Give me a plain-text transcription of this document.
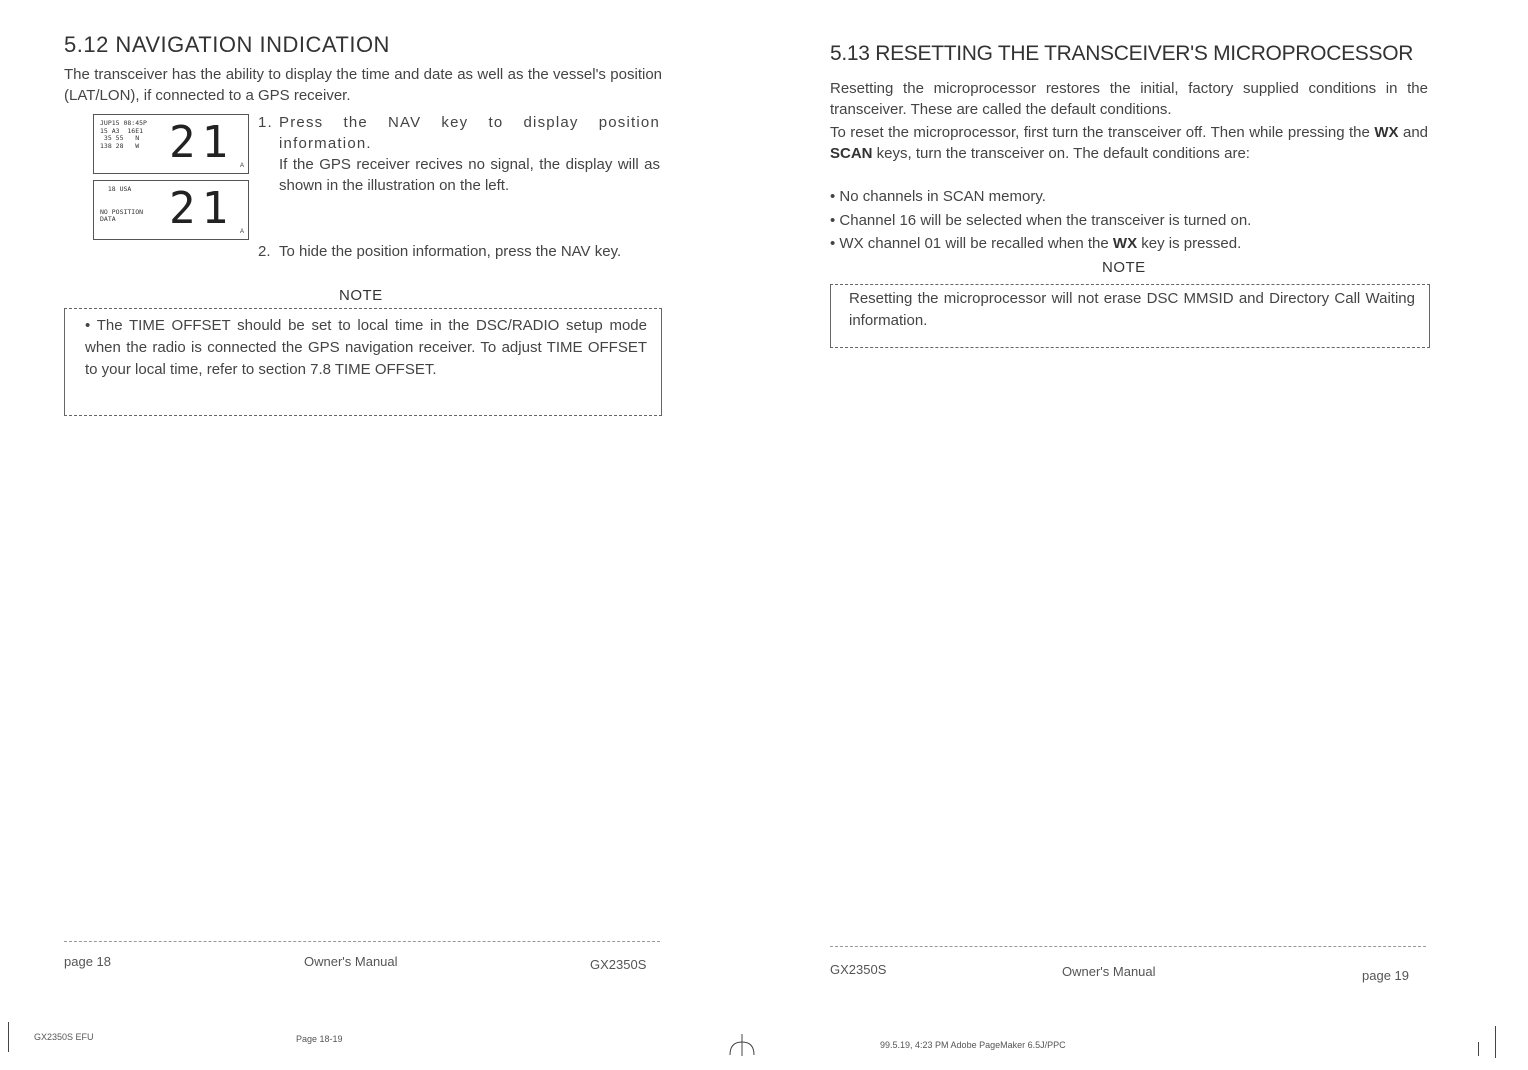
5.12 NAVIGATION INDICATION
The transceiver has the ability to display the time and date as well as the vessel's position (LAT/LON), if connected to a GPS receiver.
JUP15 08:45P
15 A3  16E1
35 55   N
138 28   W 21 A
18 USA

NO POSITION
DATA	21 A
1. Press the NAV key to display position information.
If the GPS receiver recives no signal, the display will as shown in the illustration on the left.
2. To hide the position information, press the NAV key.
NOTE
• The TIME OFFSET should be set to local time in the DSC/RADIO setup mode when the radio is connected the GPS navigation receiver. To adjust TIME OFFSET to your local time, refer to section 7.8 TIME OFFSET.
page 18	Owner's Manual	GX2350S
5.13 RESETTING THE TRANSCEIVER'S MICROPROCESSOR
Resetting the microprocessor restores the initial, factory supplied conditions in the transceiver. These are called the default conditions.
To reset the microprocessor, first turn the transceiver off. Then while pressing the WX and SCAN keys, turn the transceiver on. The default conditions are:
• No channels in SCAN memory.
• Channel 16 will be selected when the transceiver is turned on.
• WX channel 01 will be recalled when the WX key is pressed.
NOTE
Resetting the microprocessor will not erase DSC MMSID and Directory Call Waiting information.
GX2350S	Owner's Manual	page 19
GX2350S EFU	Page 18-19
99.5.19, 4:23 PM Adobe PageMaker 6.5J/PPC
